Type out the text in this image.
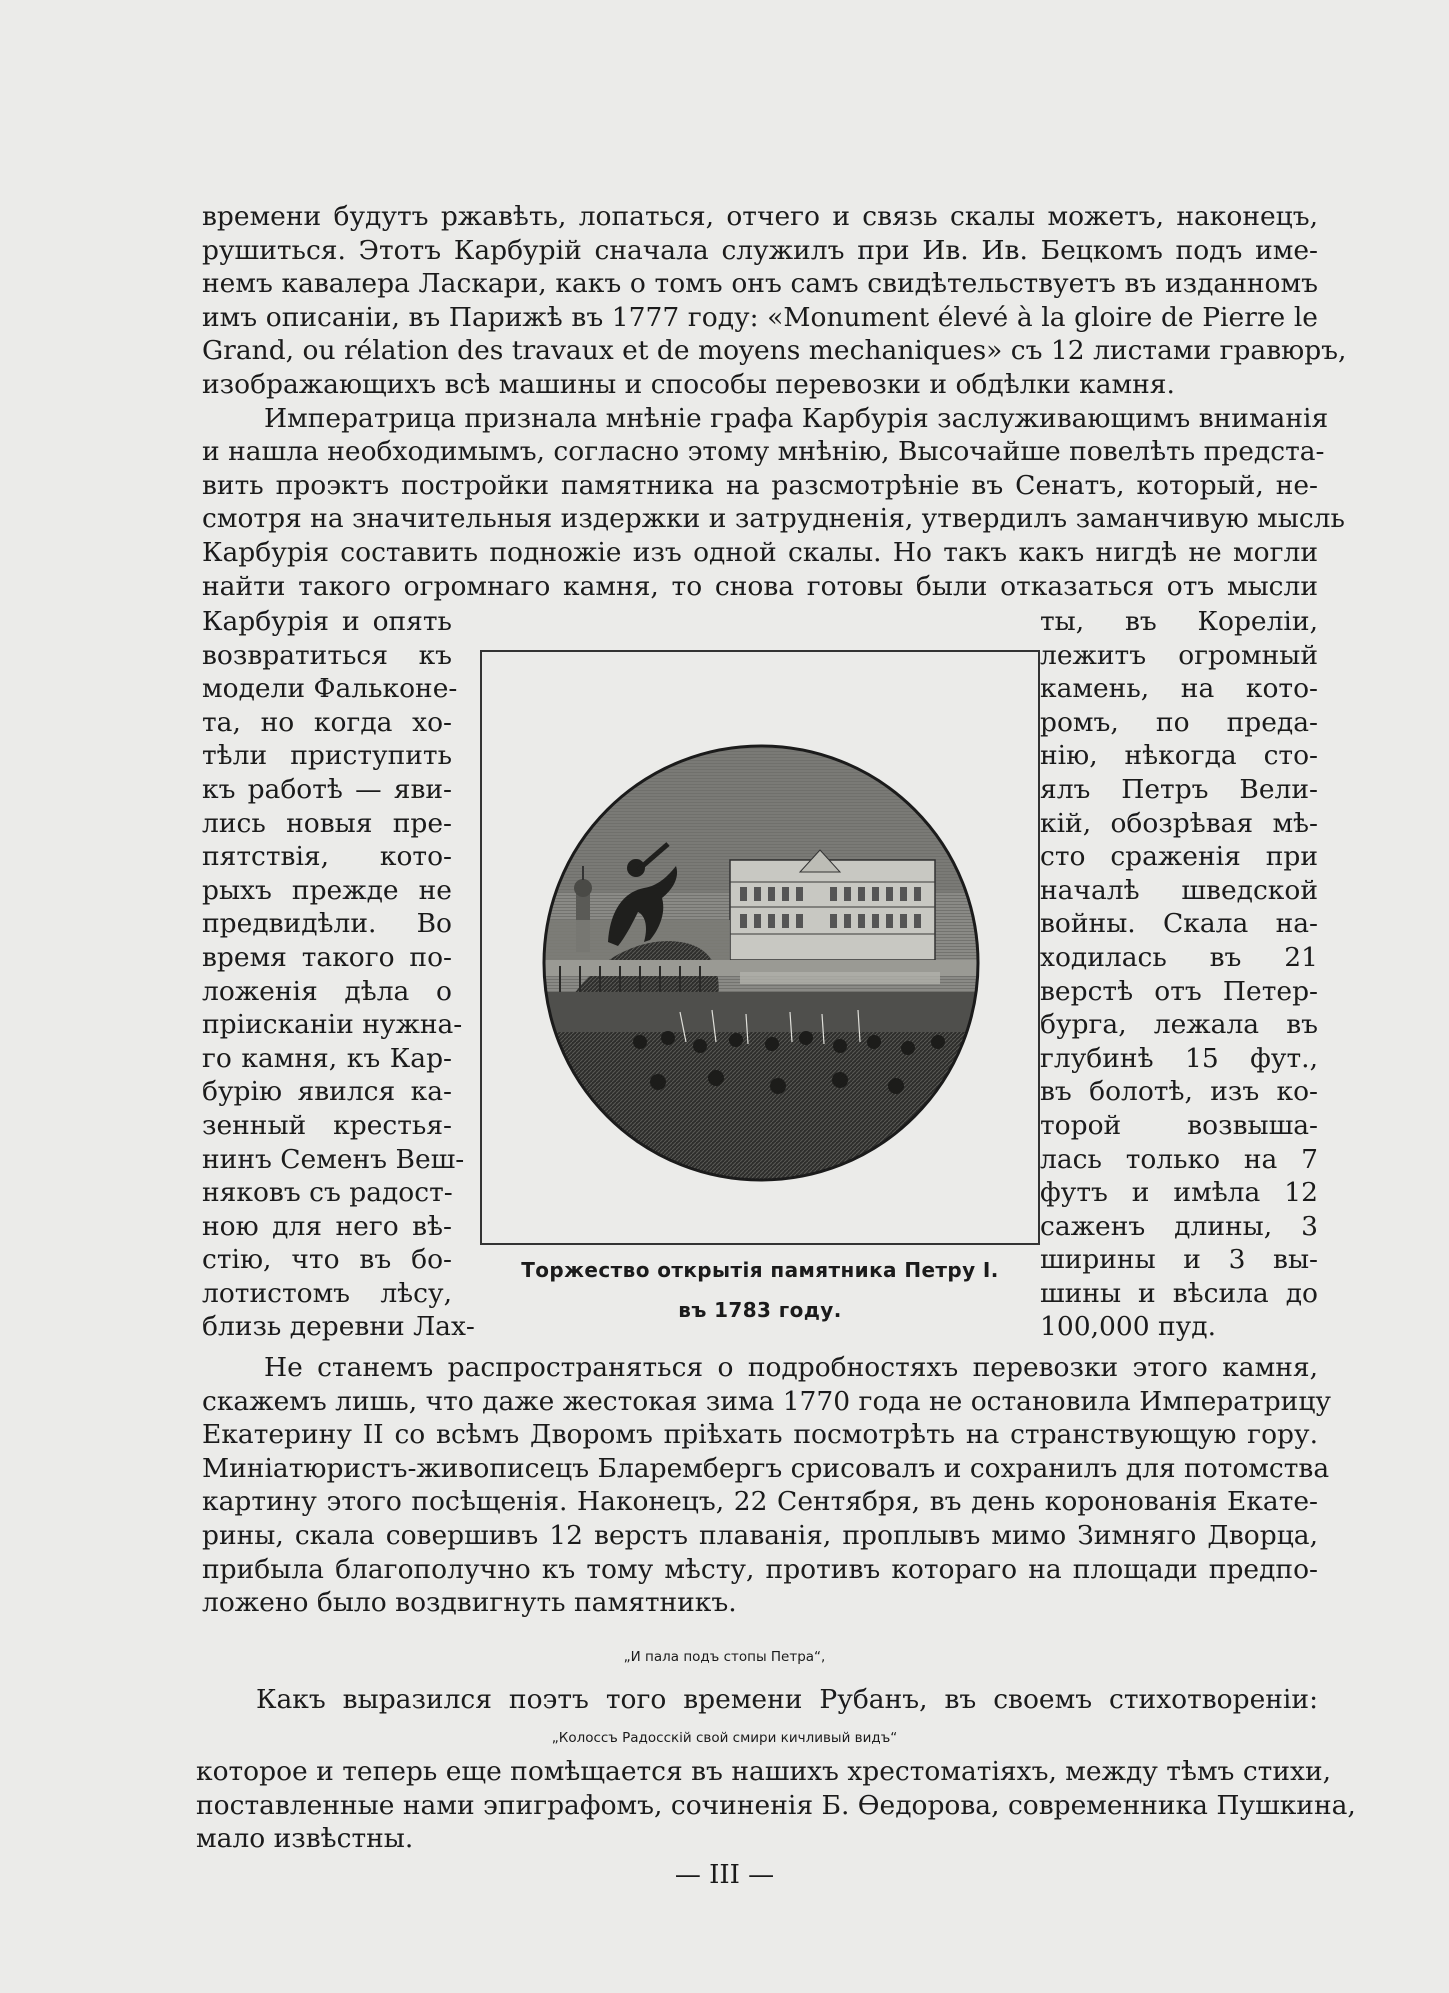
времени будутъ ржавѣть, лопаться, отчего и связь скалы можетъ, наконецъ,
рушиться. Этотъ Карбурій сначала служилъ при Ив. Ив. Бецкомъ подъ име-
немъ кавалера Ласкари, какъ о томъ онъ самъ свидѣтельствуетъ въ изданномъ
имъ описанiи, въ Парижѣ въ 1777 году: «Monument élevé à la gloire de Pierre le
Grand, ou rélation des travaux et de moyens mechaniques» съ 12 листами гравюръ,
изображающихъ всѣ машины и способы перевозки и обдѣлки камня.
Императрица признала мнѣніе графа Карбурія заслуживающимъ вниманія
и нашла необходимымъ, согласно этому мнѣнію, Высочайше повелѣть предста-
вить проэктъ постройки памятника на разсмотрѣніе въ Сенатъ, который, не-
смотря на значительныя издержки и затрудненія, утвердилъ заманчивую мысль
Карбурія составить подножіе изъ одной скалы. Но такъ какъ нигдѣ не могли
найти такого огромнаго камня, то снова готовы были отказаться отъ мысли
Карбурія и опять
возвратиться къ
модели Фальконе-
та, но когда хо-
тѣли приступить
къ работѣ — яви-
лись новыя пре-
пятствія, кото-
рыхъ прежде не
предвидѣли. Во
время такого по-
ложенія дѣла о
прiисканiи нужна-
го камня, къ Кар-
бурію явился ка-
зенный крестья-
нинъ Семенъ Веш-
няковъ съ радост-
ною для него вѣ-
стію, что въ бо-
лотистомъ лѣсу,
близь деревни Лах-
Торжество открытія памятника Петру I.
въ 1783 году.
ты, въ Кореліи,
лежитъ огромный
камень, на кото-
ромъ, по преда-
нію, нѣкогда сто-
ялъ Петръ Вели-
кій, обозрѣвая мѣ-
сто сраженія при
началѣ шведской
войны. Скала на-
ходилась въ 21
верстѣ отъ Петер-
бурга, лежала въ
глубинѣ 15 фут.,
въ болотѣ, изъ ко-
торой возвыша-
лась только на 7
футъ и имѣла 12
саженъ длины, 3
ширины и 3 вы-
шины и вѣсила до
100,000 пуд.
Не станемъ распространяться о подробностяхъ перевозки этого камня,
скажемъ лишь, что даже жестокая зима 1770 года не остановила Императрицу
Екатерину II со всѣмъ Дворомъ пріѣхать посмотрѣть на странствующую гору.
Миніатюристъ-живописецъ Бларембергъ срисовалъ и сохранилъ для потомства
картину этого посѣщенія. Наконецъ, 22 Сентября, въ день коронованія Екате-
рины, скала совершивъ 12 верстъ плаванія, проплывъ мимо Зимняго Дворца,
прибыла благополучно къ тому мѣсту, противъ котораго на площади предпо-
ложено было воздвигнуть памятникъ.
„И пала подъ стопы Петра“,
Какъ выразился поэтъ того времени Рубанъ, въ своемъ стихотвореніи:
„Колоссъ Радосскій свой смири кичливый видъ“
которое и теперь еще помѣщается въ нашихъ хрестоматіяхъ, между тѣмъ стихи,
поставленные нами эпиграфомъ, сочиненія Б. Ѳедорова, современника Пушкина,
мало извѣстны.
— III —
